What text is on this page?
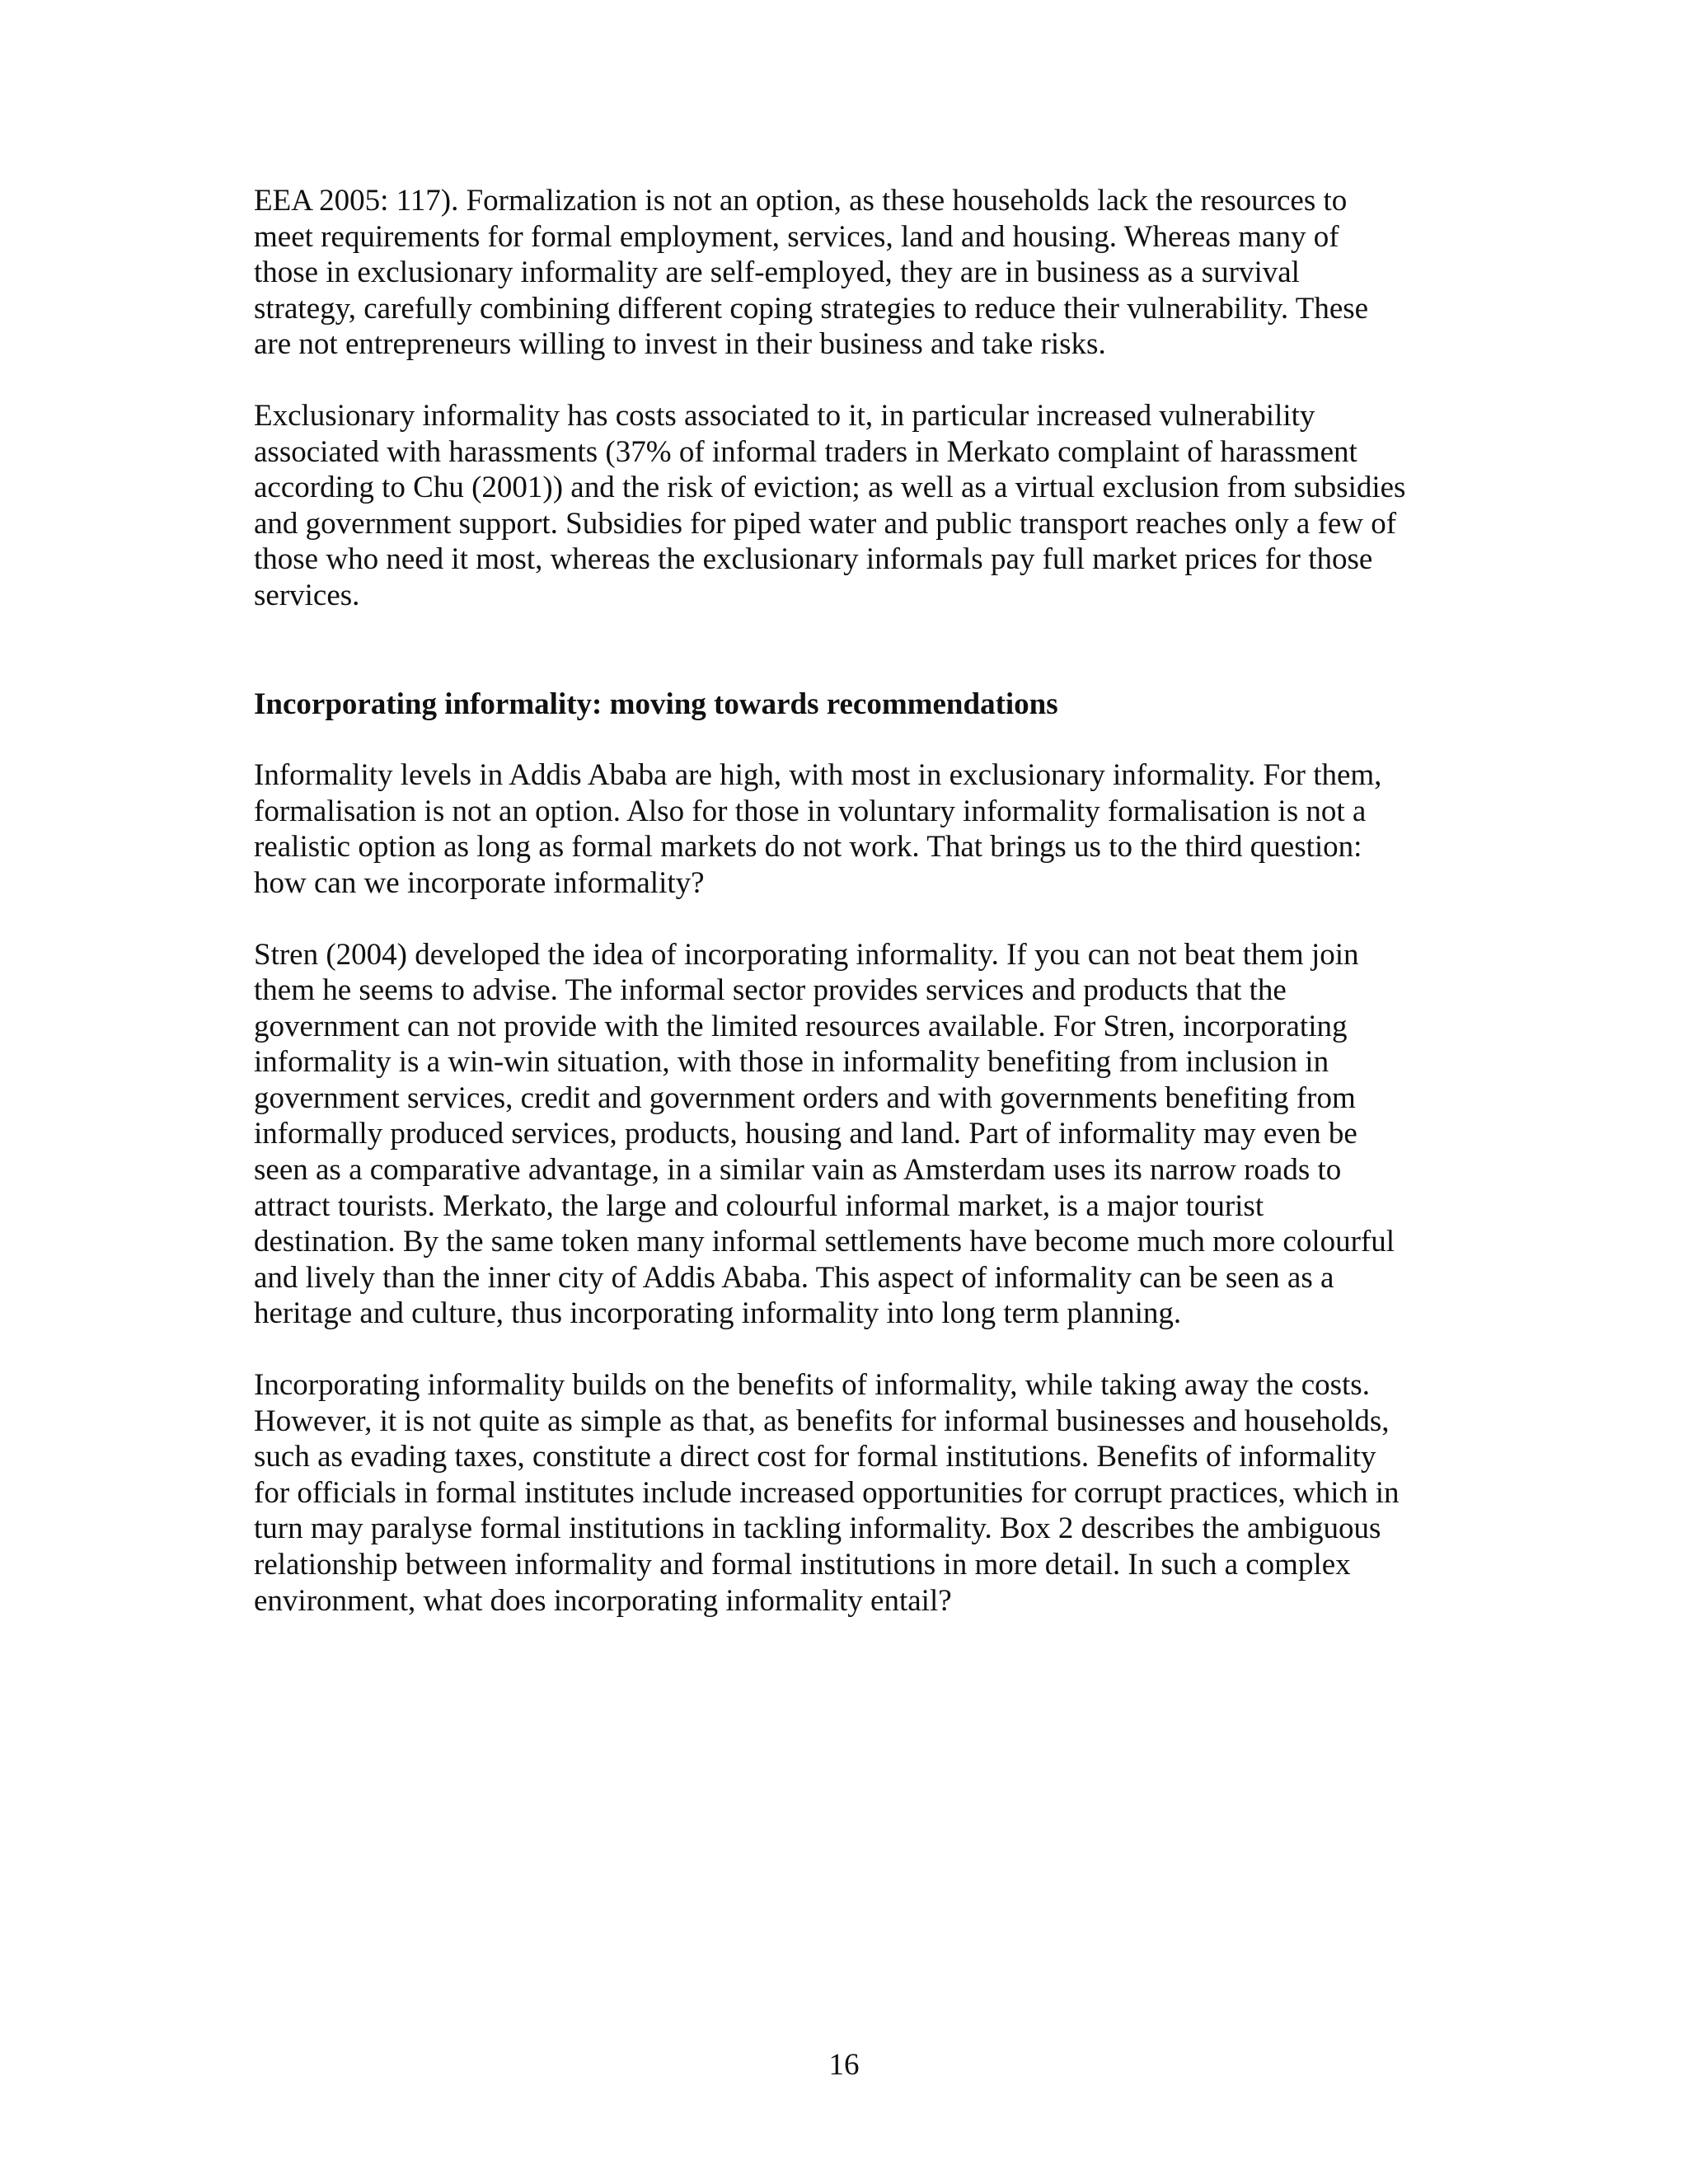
EEA 2005: 117). Formalization is not an option, as these households lack the resources to
meet requirements for formal employment, services, land and housing. Whereas many of
those in exclusionary informality are self-employed, they are in business as a survival
strategy, carefully combining different coping strategies to reduce their vulnerability. These
are not entrepreneurs willing to invest in their business and take risks.

Exclusionary informality has costs associated to it, in particular increased vulnerability
associated with harassments (37% of informal traders in Merkato complaint of harassment
according to Chu (2001)) and the risk of eviction; as well as a virtual exclusion from subsidies
and government support. Subsidies for piped water and public transport reaches only a few of
those who need it most, whereas the exclusionary informals pay full market prices for those
services.

Incorporating informality: moving towards recommendations

Informality levels in Addis Ababa are high, with most in exclusionary informality. For them,
formalisation is not an option. Also for those in voluntary informality formalisation is not a
realistic option as long as formal markets do not work. That brings us to the third question:
how can we incorporate informality?

Stren (2004) developed the idea of incorporating informality. If you can not beat them join
them he seems to advise. The informal sector provides services and products that the
government can not provide with the limited resources available. For Stren, incorporating
informality is a win-win situation, with those in informality benefiting from inclusion in
government services, credit and government orders and with governments benefiting from
informally produced services, products, housing and land. Part of informality may even be
seen as a comparative advantage, in a similar vain as Amsterdam uses its narrow roads to
attract tourists. Merkato, the large and colourful informal market, is a major tourist
destination. By the same token many informal settlements have become much more colourful
and lively than the inner city of Addis Ababa. This aspect of informality can be seen as a
heritage and culture, thus incorporating informality into long term planning.

Incorporating informality builds on the benefits of informality, while taking away the costs.
However, it is not quite as simple as that, as benefits for informal businesses and households,
such as evading taxes, constitute a direct cost for formal institutions. Benefits of informality
for officials in formal institutes include increased opportunities for corrupt practices, which in
turn may paralyse formal institutions in tackling informality. Box 2 describes the ambiguous
relationship between informality and formal institutions in more detail. In such a complex
environment, what does incorporating informality entail?

16
